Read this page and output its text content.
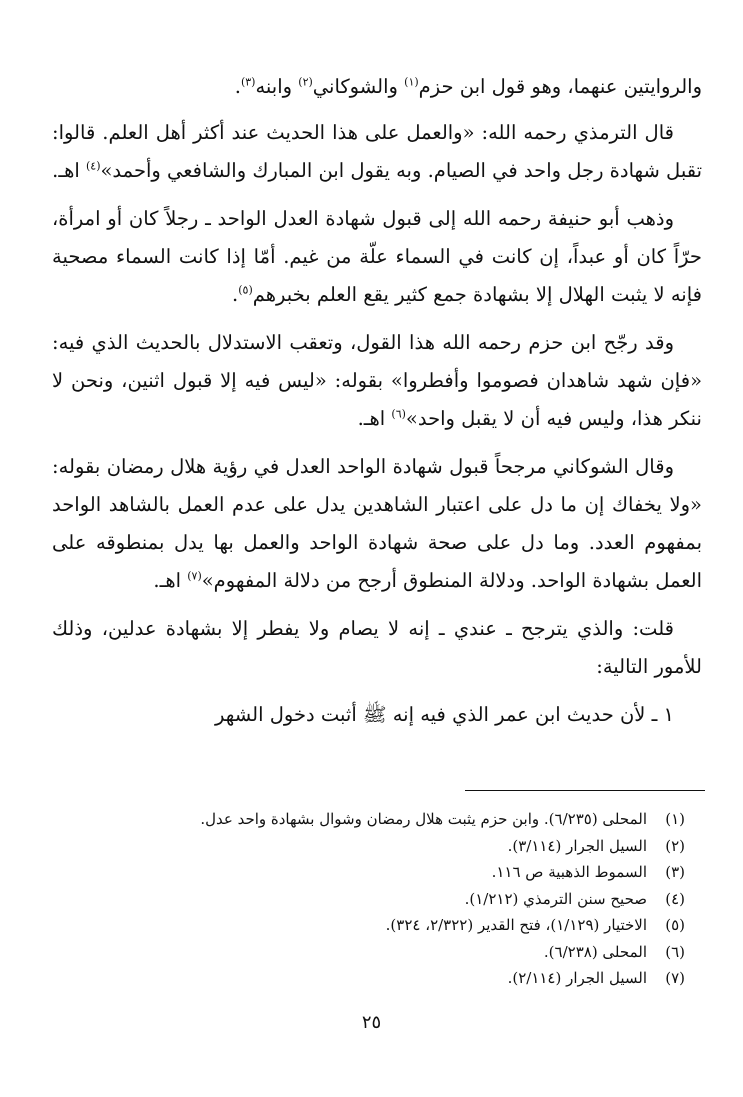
والروايتين عنهما، وهو قول ابن حزم$^{(١)}$ والشوكاني$^{(٢)}$ وابنه$^{(٣)}$.

قال الترمذي رحمه الله: «والعمل على هذا الحديث عند أكثر أهل العلم. قالوا: تقبل شهادة رجل واحد في الصيام. وبه يقول ابن المبارك والشافعي وأحمد»$^{(٤)}$ اهـ.

وذهب أبو حنيفة رحمه الله إلى قبول شهادة العدل الواحد ـ رجلاً كان أو امرأة، حرّاً كان أو عبداً، إن كانت في السماء علّة من غيم. أمّا إذا كانت السماء مصحية فإنه لا يثبت الهلال إلا بشهادة جمع كثير يقع العلم بخبرهم$^{(٥)}$.

وقد رجّح ابن حزم رحمه الله هذا القول، وتعقب الاستدلال بالحديث الذي فيه: «فإن شهد شاهدان فصوموا وأفطروا» بقوله: «ليس فيه إلا قبول اثنين، ونحن لا ننكر هذا، وليس فيه أن لا يقبل واحد»$^{(٦)}$ اهـ.

وقال الشوكاني مرجحاً قبول شهادة الواحد العدل في رؤية هلال رمضان بقوله: «ولا يخفاك إن ما دل على اعتبار الشاهدين يدل على عدم العمل بالشاهد الواحد بمفهوم العدد. وما دل على صحة شهادة الواحد والعمل بها يدل بمنطوقه على العمل بشهادة الواحد. ودلالة المنطوق أرجح من دلالة المفهوم»$^{(٧)}$ اهـ.

قلت: والذي يترجح ـ عندي ـ إنه لا يصام ولا يفطر إلا بشهادة عدلين، وذلك للأمور التالية:

١ ـ لأن حديث ابن عمر الذي فيه إنه ﷺ أثبت دخول الشهر

(١)
المحلى (٦/٢٣٥). وابن حزم يثبت هلال رمضان وشوال بشهادة واحد عدل.
(٢)
السيل الجرار (٣/١١٤).
(٣)
السموط الذهبية ص ١١٦.
(٤)
صحيح سنن الترمذي (١/٢١٢).
(٥)
الاختيار (١/١٢٩)، فتح القدير (٢/٣٢٢، ٣٢٤).
(٦)
المحلى (٦/٢٣٨).
(٧)
السيل الجرار (٢/١١٤).
٢٥
